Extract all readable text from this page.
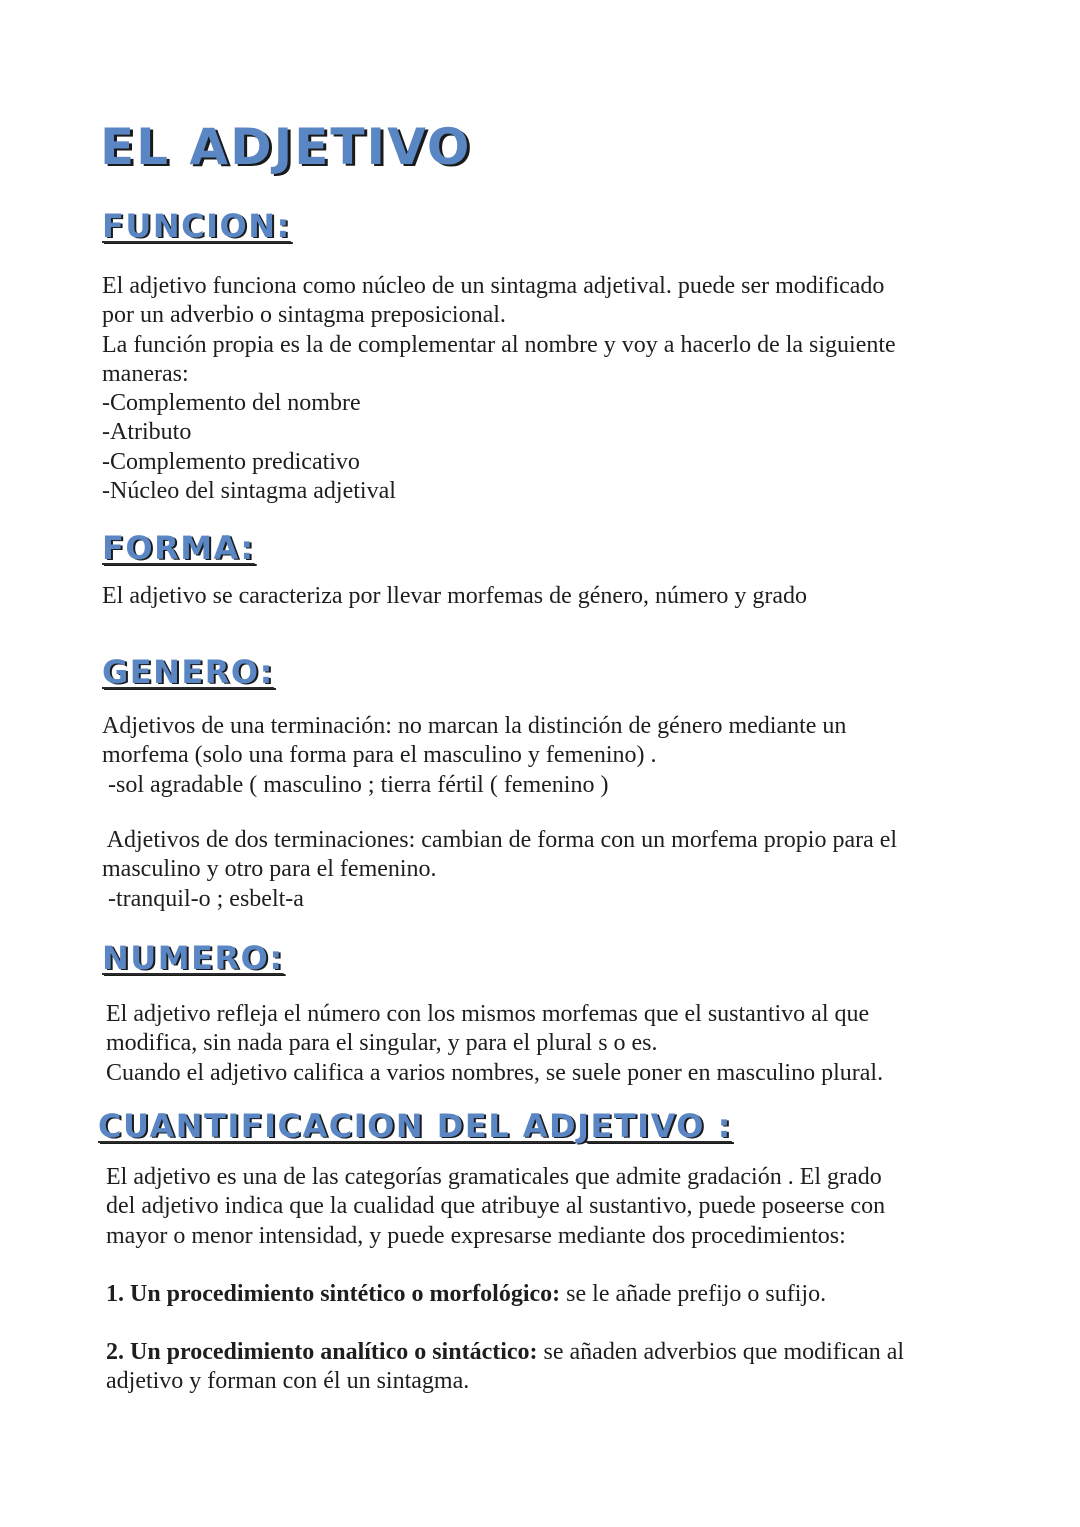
EL ADJETIVO
FUNCION:
El adjetivo funciona como núcleo de un sintagma adjetival. puede ser modificado
por un adverbio o sintagma preposicional.
La función propia es la de complementar al nombre y voy a hacerlo de la siguiente
maneras:
-Complemento del nombre
-Atributo
-Complemento predicativo
-Núcleo del sintagma adjetival
FORMA:
El adjetivo se caracteriza por llevar morfemas de género, número y grado
GENERO:
Adjetivos de una terminación: no marcan la distinción de género mediante un
morfema (solo una forma para el masculino y femenino) .
-sol agradable ( masculino ; tierra fértil ( femenino )
Adjetivos de dos terminaciones: cambian de forma con un morfema propio para el
masculino y otro para el femenino.
-tranquil-o ; esbelt-a
NUMERO:
El adjetivo refleja el número con los mismos morfemas que el sustantivo al que
modifica, sin nada para el singular, y para el plural s o es.
Cuando el adjetivo califica a varios nombres, se suele poner en masculino plural.
CUANTIFICACION DEL ADJETIVO :
El adjetivo es una de las categorías gramaticales que admite gradación . El grado
del adjetivo indica que la cualidad que atribuye al sustantivo, puede poseerse con
mayor o menor intensidad, y puede expresarse mediante dos procedimientos:
1. Un procedimiento sintético o morfológico: se le añade prefijo o sufijo.
2. Un procedimiento analítico o sintáctico: se añaden adverbios que modifican al
adjetivo y forman con él un sintagma.
